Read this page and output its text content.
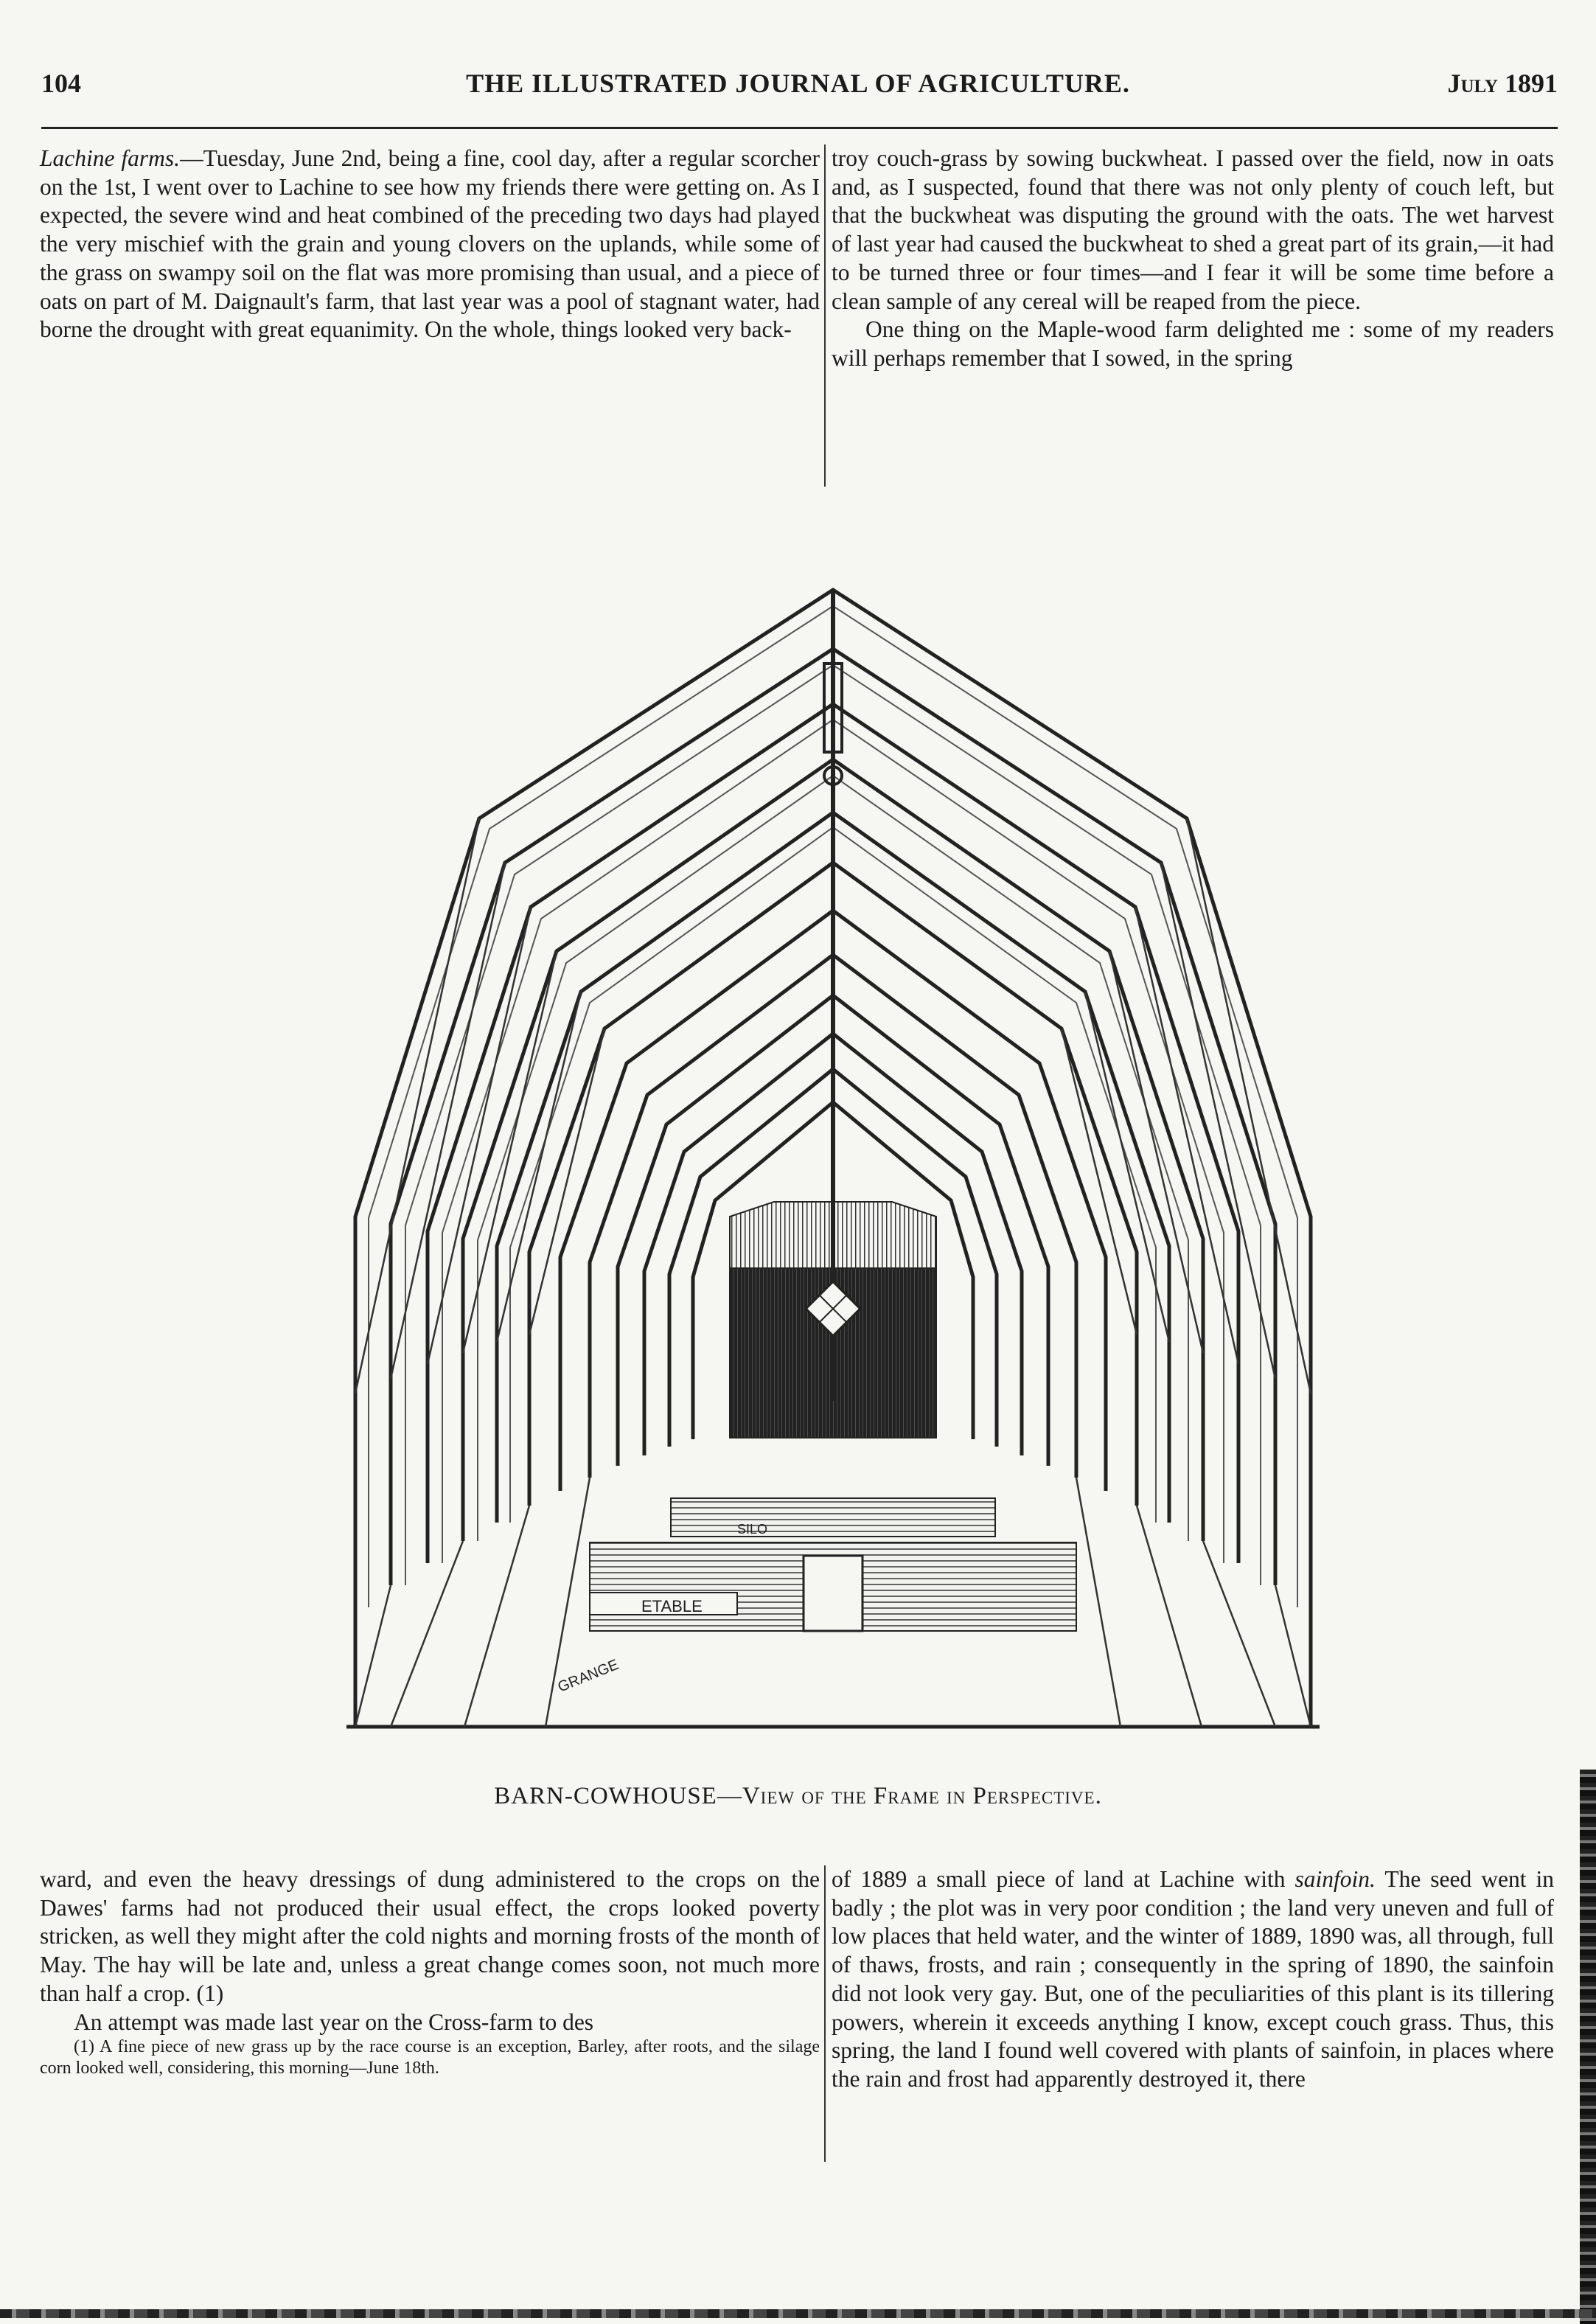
104	THE ILLUSTRATED JOURNAL OF AGRICULTURE.	July 1891

Lachine farms.—Tuesday, June 2nd, being a fine, cool day, after a regular scorcher on the 1st, I went over to Lachine to see how my friends there were getting on. As I expected, the severe wind and heat combined of the preceding two days had played the very mischief with the grain and young clovers on the uplands, while some of the grass on swampy soil on the flat was more promising than usual, and a piece of oats on part of M. Daignault's farm, that last year was a pool of stagnant water, had borne the drought with great equanimity. On the whole, things looked very back-

troy couch-grass by sowing buckwheat. I passed over the field, now in oats and, as I suspected, found that there was not only plenty of couch left, but that the buckwheat was disputing the ground with the oats. The wet harvest of last year had caused the buckwheat to shed a great part of its grain,—it had to be turned three or four times—and I fear it will be some time before a clean sample of any cereal will be reaped from the piece.

One thing on the Maple-wood farm delighted me : some of my readers will perhaps remember that I sowed, in the spring

SILO
ETABLE
GRANGE
BARN-COWHOUSE—View of the Frame in Perspective.

ward, and even the heavy dressings of dung administered to the crops on the Dawes' farms had not produced their usual effect, the crops looked poverty stricken, as well they might after the cold nights and morning frosts of the month of May. The hay will be late and, unless a great change comes soon, not much more than half a crop. (1)

An attempt was made last year on the Cross-farm to des

(1) A fine piece of new grass up by the race course is an exception, Barley, after roots, and the silage corn looked well, considering, this morning—June 18th.

of 1889 a small piece of land at Lachine with sainfoin. The seed went in badly ; the plot was in very poor condition ; the land very uneven and full of low places that held water, and the winter of 1889, 1890 was, all through, full of thaws, frosts, and rain ; consequently in the spring of 1890, the sainfoin did not look very gay. But, one of the peculiarities of this plant is its tillering powers, wherein it exceeds anything I know, except couch grass. Thus, this spring, the land I found well covered with plants of sainfoin, in places where the rain and frost had apparently destroyed it, there
